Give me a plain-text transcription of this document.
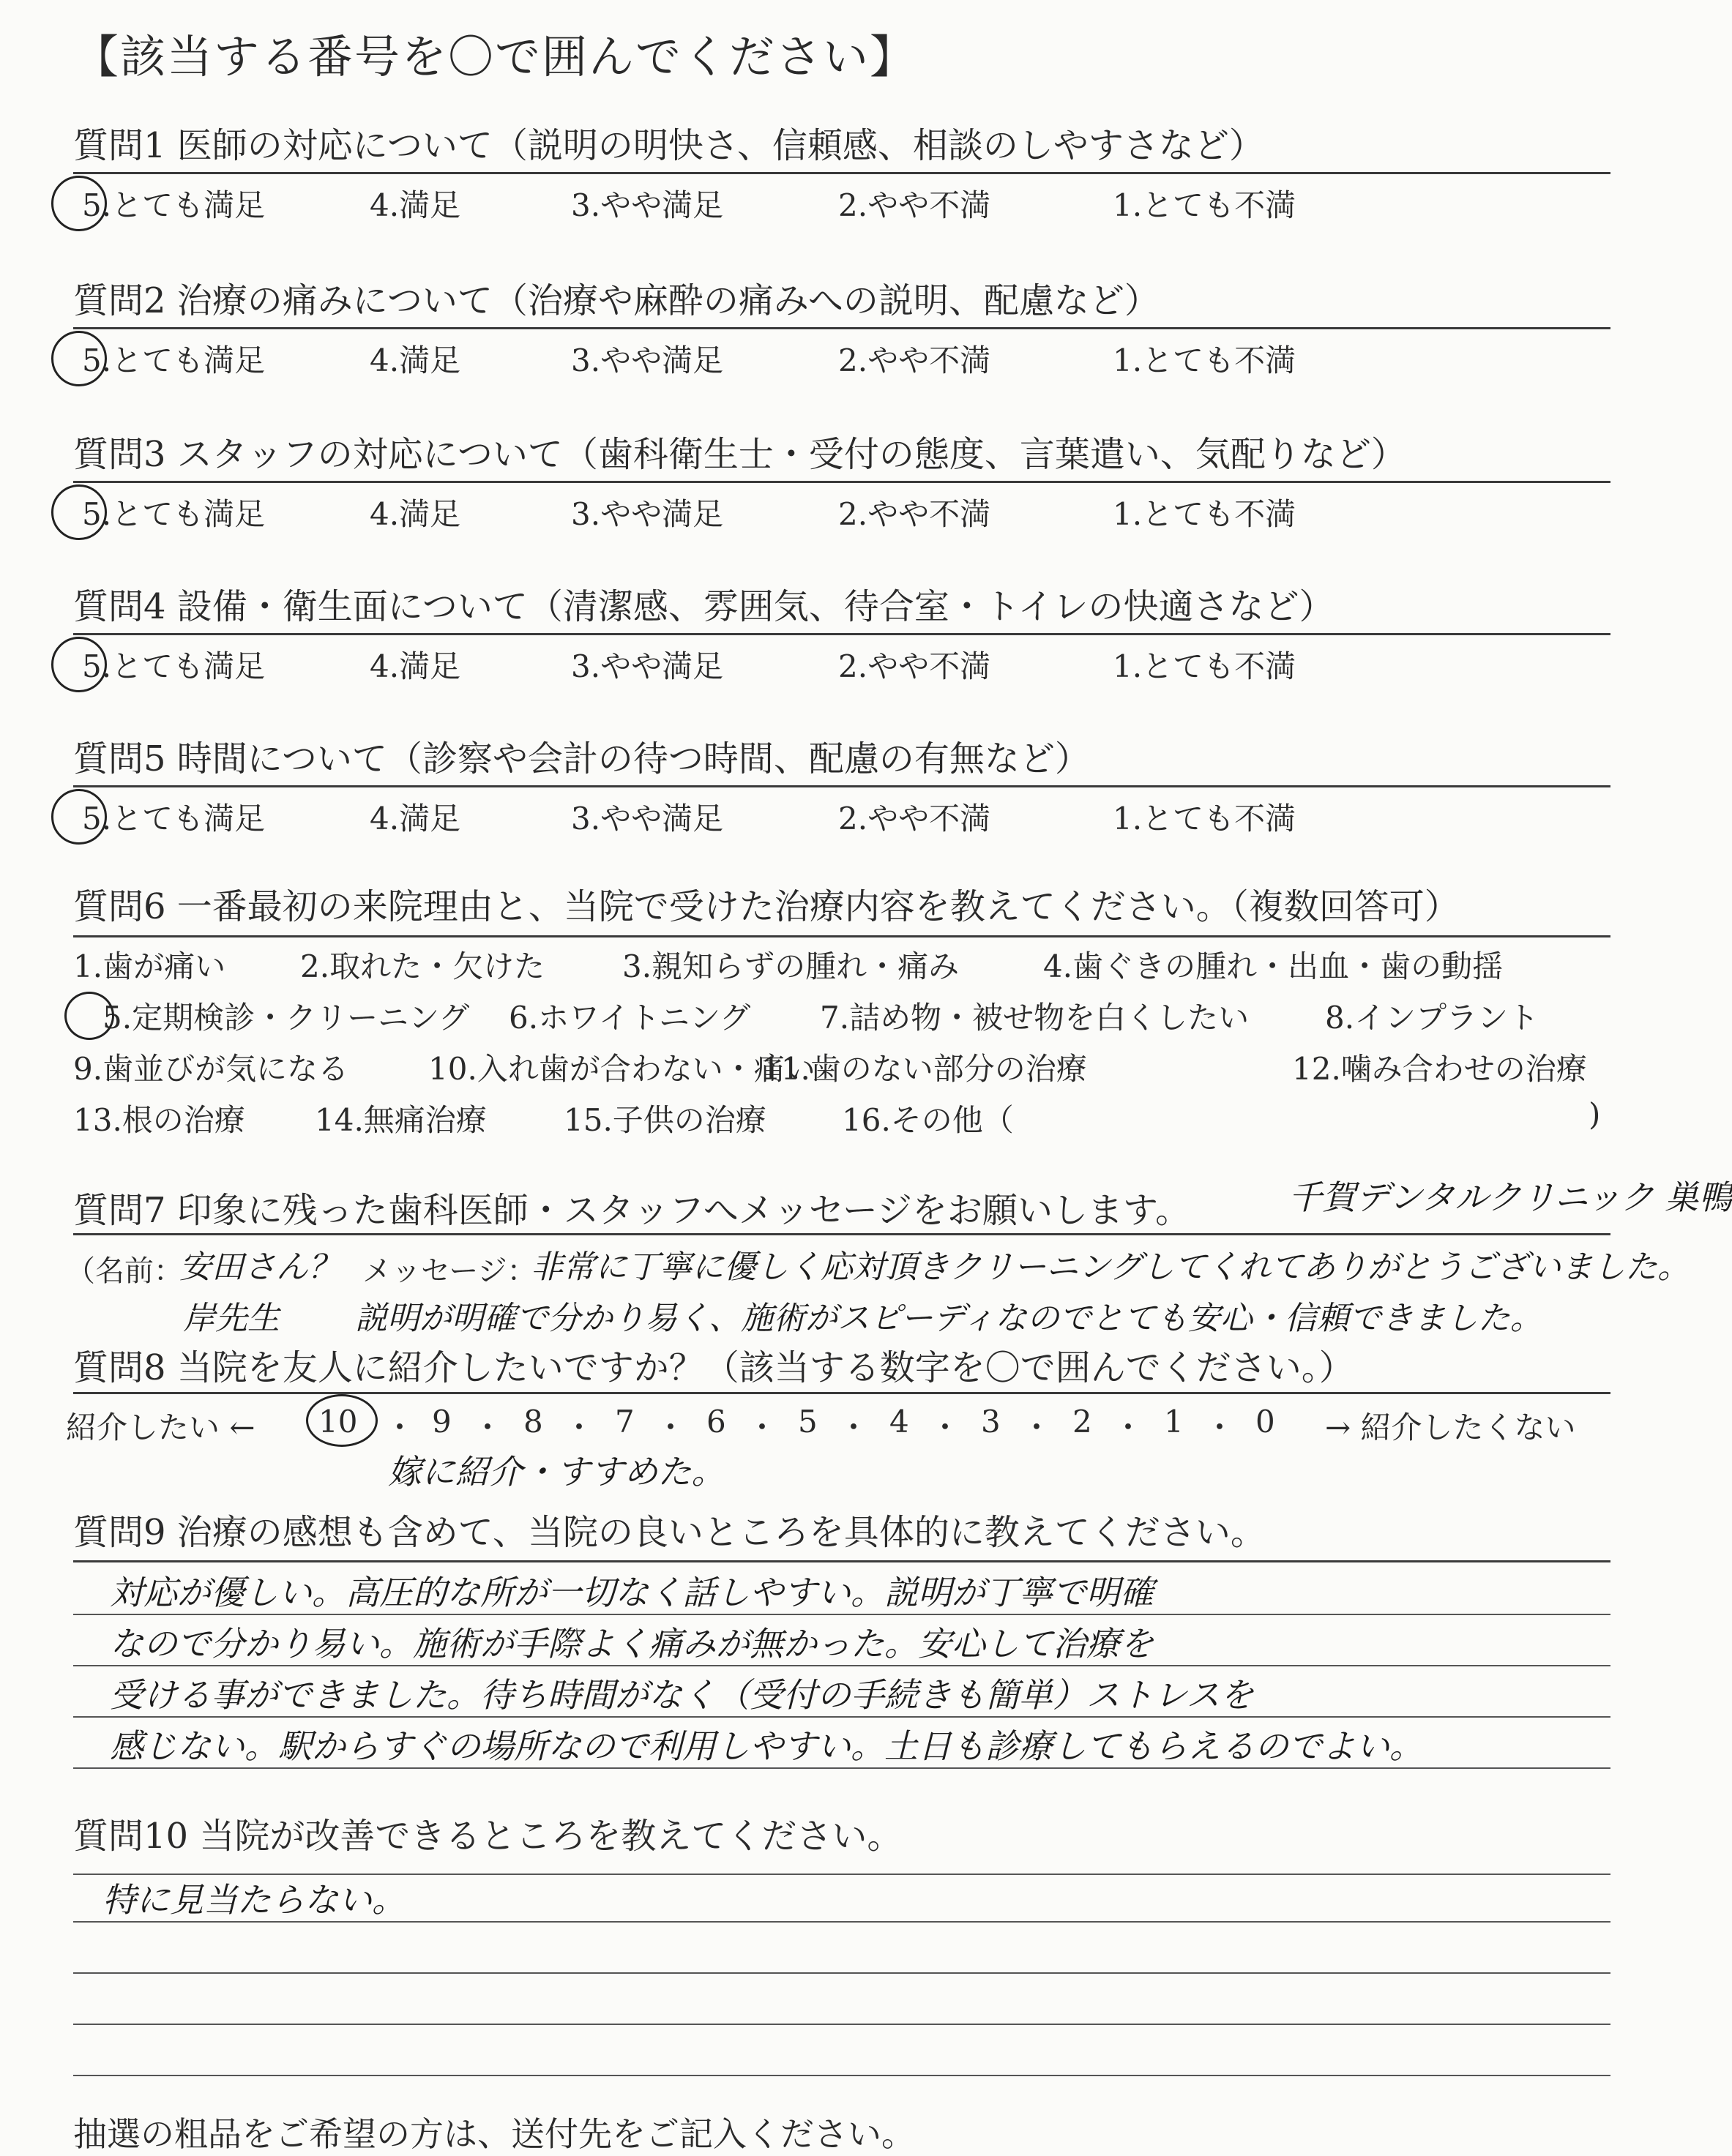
【該当する番号を〇で囲んでください】
質問1 医師の対応について（説明の明快さ、信頼感、相談のしやすさなど）
5.とても満足	4.満足	3.やや満足	2.やや不満	1.とても不満
質問2 治療の痛みについて（治療や麻酔の痛みへの説明、配慮など）
5.とても満足	4.満足	3.やや満足	2.やや不満	1.とても不満
質問3 スタッフの対応について（歯科衛生士・受付の態度、言葉遣い、気配りなど）
5.とても満足	4.満足	3.やや満足	2.やや不満	1.とても不満
質問4 設備・衛生面について（清潔感、雰囲気、待合室・トイレの快適さなど）
5.とても満足	4.満足	3.やや満足	2.やや不満	1.とても不満
質問5 時間について（診察や会計の待つ時間、配慮の有無など）
5.とても満足	4.満足	3.やや満足	2.やや不満	1.とても不満
質問6 一番最初の来院理由と、当院で受けた治療内容を教えてください。（複数回答可）
1.歯が痛い 2.取れた・欠けた	3.親知らずの腫れ・痛み	4.歯ぐきの腫れ・出血・歯の動揺
5.定期検診・クリーニング 6.ホワイトニング 7.詰め物・被せ物を白くしたい 8.インプラント
9.歯並びが気になる	10.入れ歯が合わない・痛い
11.歯のない部分の治療	12.噛み合わせの治療
13.根の治療 14.無痛治療	15.子供の治療 16.その他（	)
質問7 印象に残った歯科医師・スタッフへメッセージをお願いします。	千賀デンタルクリニック 巣鴨
（名前：
安田さん？ メッセージ：
非常に丁寧に優しく応対頂きクリーニングしてくれてありがとうございました。
岸先生 説明が明確で分かり易く、施術がスピーディなのでとても安心・信頼できました。
質問8 当院を友人に紹介したいですか？（該当する数字を〇で囲んでください。）
紹介したい ← 10 ・ 9 ・ 8 ・ 7 ・ 6 ・ 5 ・ 4 ・ 3 ・ 2 ・ 1 ・ 0 → 紹介したくない
嫁に紹介・すすめた。
質問9 治療の感想も含めて、当院の良いところを具体的に教えてください。
対応が優しい。高圧的な所が一切なく話しやすい。説明が丁寧で明確
なので分かり易い。施術が手際よく痛みが無かった。安心して治療を
受ける事ができました。待ち時間がなく（受付の手続きも簡単）ストレスを
感じない。駅からすぐの場所なので利用しやすい。土日も診療してもらえるのでよい。
質問10 当院が改善できるところを教えてください。
特に見当たらない。
抽選の粗品をご希望の方は、送付先をご記入ください。
